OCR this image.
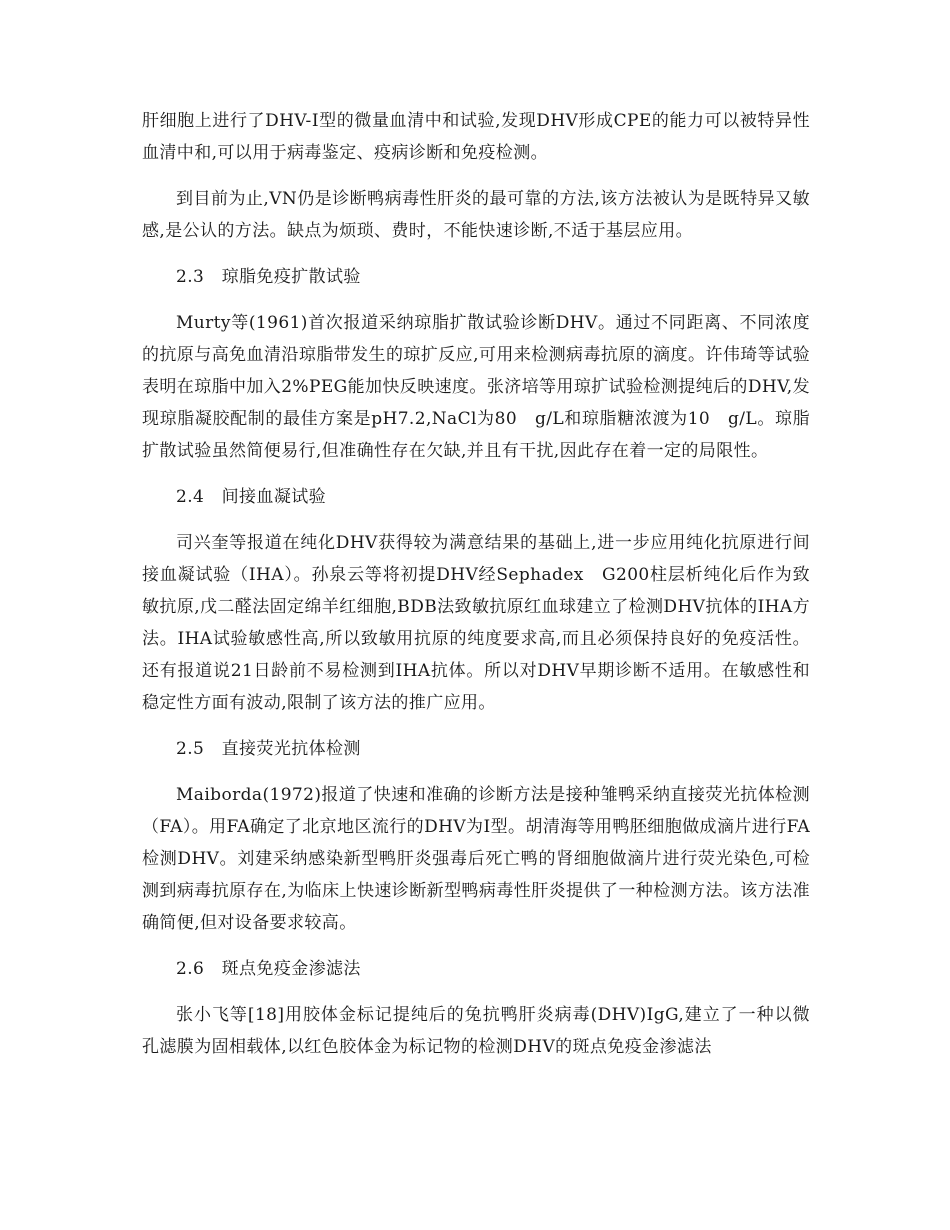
肝细胞上进行了DHV-Ⅰ型的微量血清中和试验,发现DHV形成CPE的能力可以被特异性血清中和,可以用于病毒鉴定、疫病诊断和免疫检测。

到目前为止,VN仍是诊断鸭病毒性肝炎的最可靠的方法,该方法被认为是既特异又敏感,是公认的方法。缺点为烦琐、费时，不能快速诊断,不适于基层应用。

2.3　琼脂免疫扩散试验

Murty等(1961)首次报道采纳琼脂扩散试验诊断DHV。通过不同距离、不同浓度的抗原与高免血清沿琼脂带发生的琼扩反应,可用来检测病毒抗原的滴度。许伟琦等试验表明在琼脂中加入2%PEG能加快反映速度。张济培等用琼扩试验检测提纯后的DHV,发现琼脂凝胶配制的最佳方案是pH7.2,NaCl为80　g/L和琼脂糖浓渡为10　g/L。琼脂扩散试验虽然简便易行,但准确性存在欠缺,并且有干扰,因此存在着一定的局限性。

2.4　间接血凝试验

司兴奎等报道在纯化DHV获得较为满意结果的基础上,进一步应用纯化抗原进行间接血凝试验（IHA）。孙泉云等将初提DHV经Sephadex　G200柱层析纯化后作为致敏抗原,戊二醛法固定绵羊红细胞,BDB法致敏抗原红血球建立了检测DHV抗体的IHA方法。IHA试验敏感性高,所以致敏用抗原的纯度要求高,而且必须保持良好的免疫活性。还有报道说21日龄前不易检测到IHA抗体。所以对DHV早期诊断不适用。在敏感性和稳定性方面有波动,限制了该方法的推广应用。

2.5　直接荧光抗体检测

Maiborda(1972)报道了快速和准确的诊断方法是接种雏鸭采纳直接荧光抗体检测（FA）。用FA确定了北京地区流行的DHV为Ⅰ型。胡清海等用鸭胚细胞做成滴片进行FA检测DHV。刘建采纳感染新型鸭肝炎强毒后死亡鸭的肾细胞做滴片进行荧光染色,可检测到病毒抗原存在,为临床上快速诊断新型鸭病毒性肝炎提供了一种检测方法。该方法准确简便,但对设备要求较高。

2.6　斑点免疫金渗滤法

张小飞等[18]用胶体金标记提纯后的兔抗鸭肝炎病毒(DHV)IgG,建立了一种以微孔滤膜为固相载体,以红色胶体金为标记物的检测DHV的斑点免疫金渗滤法
